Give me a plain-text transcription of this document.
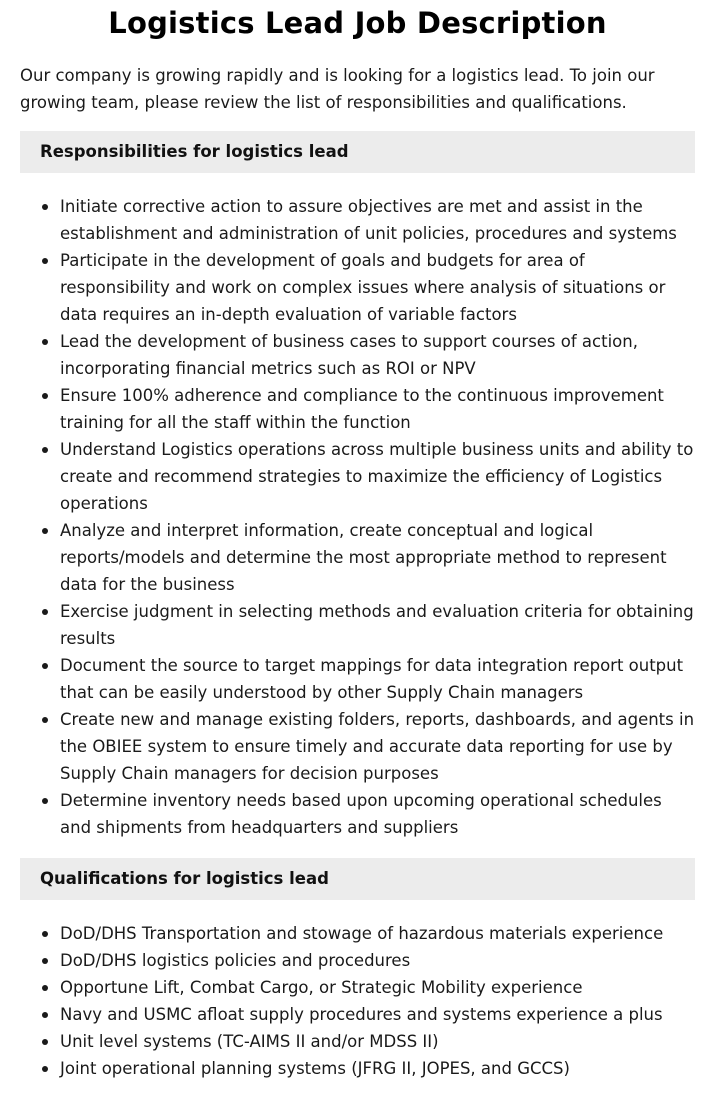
Logistics Lead Job Description

Our company is growing rapidly and is looking for a logistics lead. To join our growing team, please review the list of responsibilities and qualifications.

Responsibilities for logistics lead
Initiate corrective action to assure objectives are met and assist in the establishment and administration of unit policies, procedures and systems
Participate in the development of goals and budgets for area of responsibility and work on complex issues where analysis of situations or data requires an in-depth evaluation of variable factors
Lead the development of business cases to support courses of action, incorporating financial metrics such as ROI or NPV
Ensure 100% adherence and compliance to the continuous improvement training for all the staff within the function
Understand Logistics operations across multiple business units and ability to create and recommend strategies to maximize the efficiency of Logistics operations
Analyze and interpret information, create conceptual and logical reports/models and determine the most appropriate method to represent data for the business
Exercise judgment in selecting methods and evaluation criteria for obtaining results
Document the source to target mappings for data integration report output that can be easily understood by other Supply Chain managers
Create new and manage existing folders, reports, dashboards, and agents in the OBIEE system to ensure timely and accurate data reporting for use by Supply Chain managers for decision purposes
Determine inventory needs based upon upcoming operational schedules and shipments from headquarters and suppliers
Qualifications for logistics lead
DoD/DHS Transportation and stowage of hazardous materials experience
DoD/DHS logistics policies and procedures
Opportune Lift, Combat Cargo, or Strategic Mobility experience
Navy and USMC afloat supply procedures and systems experience a plus
Unit level systems (TC-AIMS II and/or MDSS II)
Joint operational planning systems (JFRG II, JOPES, and GCCS)
